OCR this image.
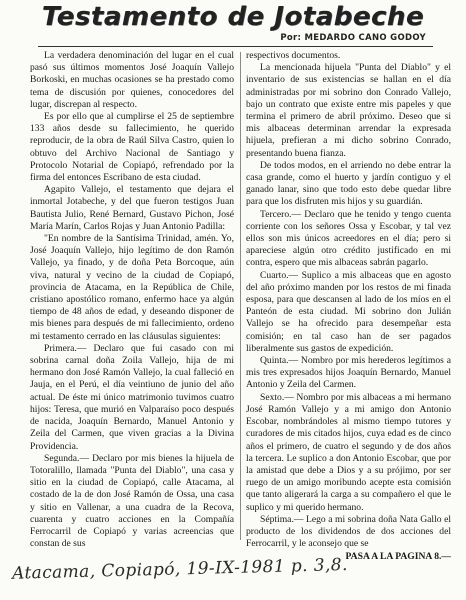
Testamento de Jotabeche
Por: MEDARDO CANO GODOY

La verdadera denominación del lugar en el cual pasó sus últimos momentos José Joaquín Vallejo Borkoski, en muchas ocasiones se ha prestado como tema de discusión por quienes, conocedores del lugar, discrepan al respecto.

Es por ello que al cumplirse el 25 de septiembre 133 años desde su fallecimiento, he querido reproducir, de la obra de Raúl Silva Castro, quien lo obtuvo del Archivo Nacional de Santiago y Protocolo Notarial de Copiapó, refrendado por la firma del entonces Escribano de esta ciudad.

Agapito Vallejo, el testamento que dejara el inmortal Jotabeche, y del que fueron testigos Juan Bautista Julio, René Bernard, Gustavo Pichon, José María Marín, Carlos Rojas y Juan Antonio Padilla:

"En nombre de la Santísima Trinidad, amén. Yo, José Joaquín Vallejo, hijo legítimo de don Ramón Vallejo, ya finado, y de doña Peta Borcoque, aún viva, natural y vecino de la ciudad de Copiapó, provincia de Atacama, en la República de Chile, cristiano apostólico romano, enfermo hace ya algún tiempo de 48 años de edad, y deseando disponer de mis bienes para después de mi fallecimiento, ordeno mi testamento cerrado en las cláusulas siguientes:

Primera.— Declaro que fui casado con mi sobrina carnal doña Zoila Vallejo, hija de mi hermano don José Ramón Vallejo, la cual falleció en Jauja, en el Perú, el día veintiuno de junio del año actual. De éste mi único matrimonio tuvimos cuatro hijos: Teresa, que murió en Valparaíso poco después de nacida, Joaquín Bernardo, Manuel Antonio y Zeila del Carmen, que viven gracias a la Divina Providencia.

Segunda.— Declaro por mis bienes la hijuela de Totoralillo, llamada "Punta del Diablo", una casa y sitio en la ciudad de Copiapó, calle Atacama, al costado de la de don José Ramón de Ossa, una casa y sitio en Vallenar, a una cuadra de la Recova, cuarenta y cuatro acciones en la Compañía Ferrocarril de Copiapó y varias acreencias que constan de sus

respectivos documentos.

La mencionada hijuela "Punta del Diablo" y el inventario de sus existencias se hallan en el día administradas por mi sobrino don Conrado Vallejo, bajo un contrato que existe entre mis papeles y que termina el primero de abril próximo. Deseo que si mis albaceas determinan arrendar la expresada hijuela, prefieran a mi dicho sobrino Conrado, presentando buena fianza.

De todos modos, en el arriendo no debe entrar la casa grande, como el huerto y jardín contiguo y el ganado lanar, sino que todo esto debe quedar libre para que los disfruten mis hijos y su guardián.

Tercero.— Declaro que he tenido y tengo cuenta corriente con los señores Ossa y Escobar, y tal vez ellos son mis únicos acreedores en el día; pero si apareciese algún otro crédito justificado en mi contra, espero que mis albaceas sabrán pagarlo.

Cuarto.— Suplico a mis albaceas que en agosto del año próximo manden por los restos de mi finada esposa, para que descansen al lado de los míos en el Panteón de esta ciudad. Mi sobrino don Julián Vallejo se ha ofrecido para desempeñar esta comisión; en tal caso han de ser pagados liberalmente sus gastos de expedición.

Quinta.— Nombro por mis herederos legítimos a mis tres expresados hijos Joaquín Bernardo, Manuel Antonio y Zeila del Carmen.

Sexto.— Nombro por mis albaceas a mi hermano José Ramón Vallejo y a mi amigo don Antonio Escobar, nombrándoles al mismo tiempo tutores y curadores de mis citados hijos, cuya edad es de cinco años el primero, de cuatro el segundo y de dos años la tercera. Le suplico a don Antonio Escobar, que por la amistad que debe a Dios y a su prójimo, por ser ruego de un amigo moribundo acepte esta comisión que tanto aligerará la carga a su compañero el que le suplico y mi querido hermano.

Séptima.— Lego a mi sobrina doña Nata Gallo el producto de los dividendos de dos acciones del Ferrocarril, y le aconsejo que se

PASA A LA PAGINA 8.—
Atacama, Copiapó, 19-IX-1981 p. 3,8.
